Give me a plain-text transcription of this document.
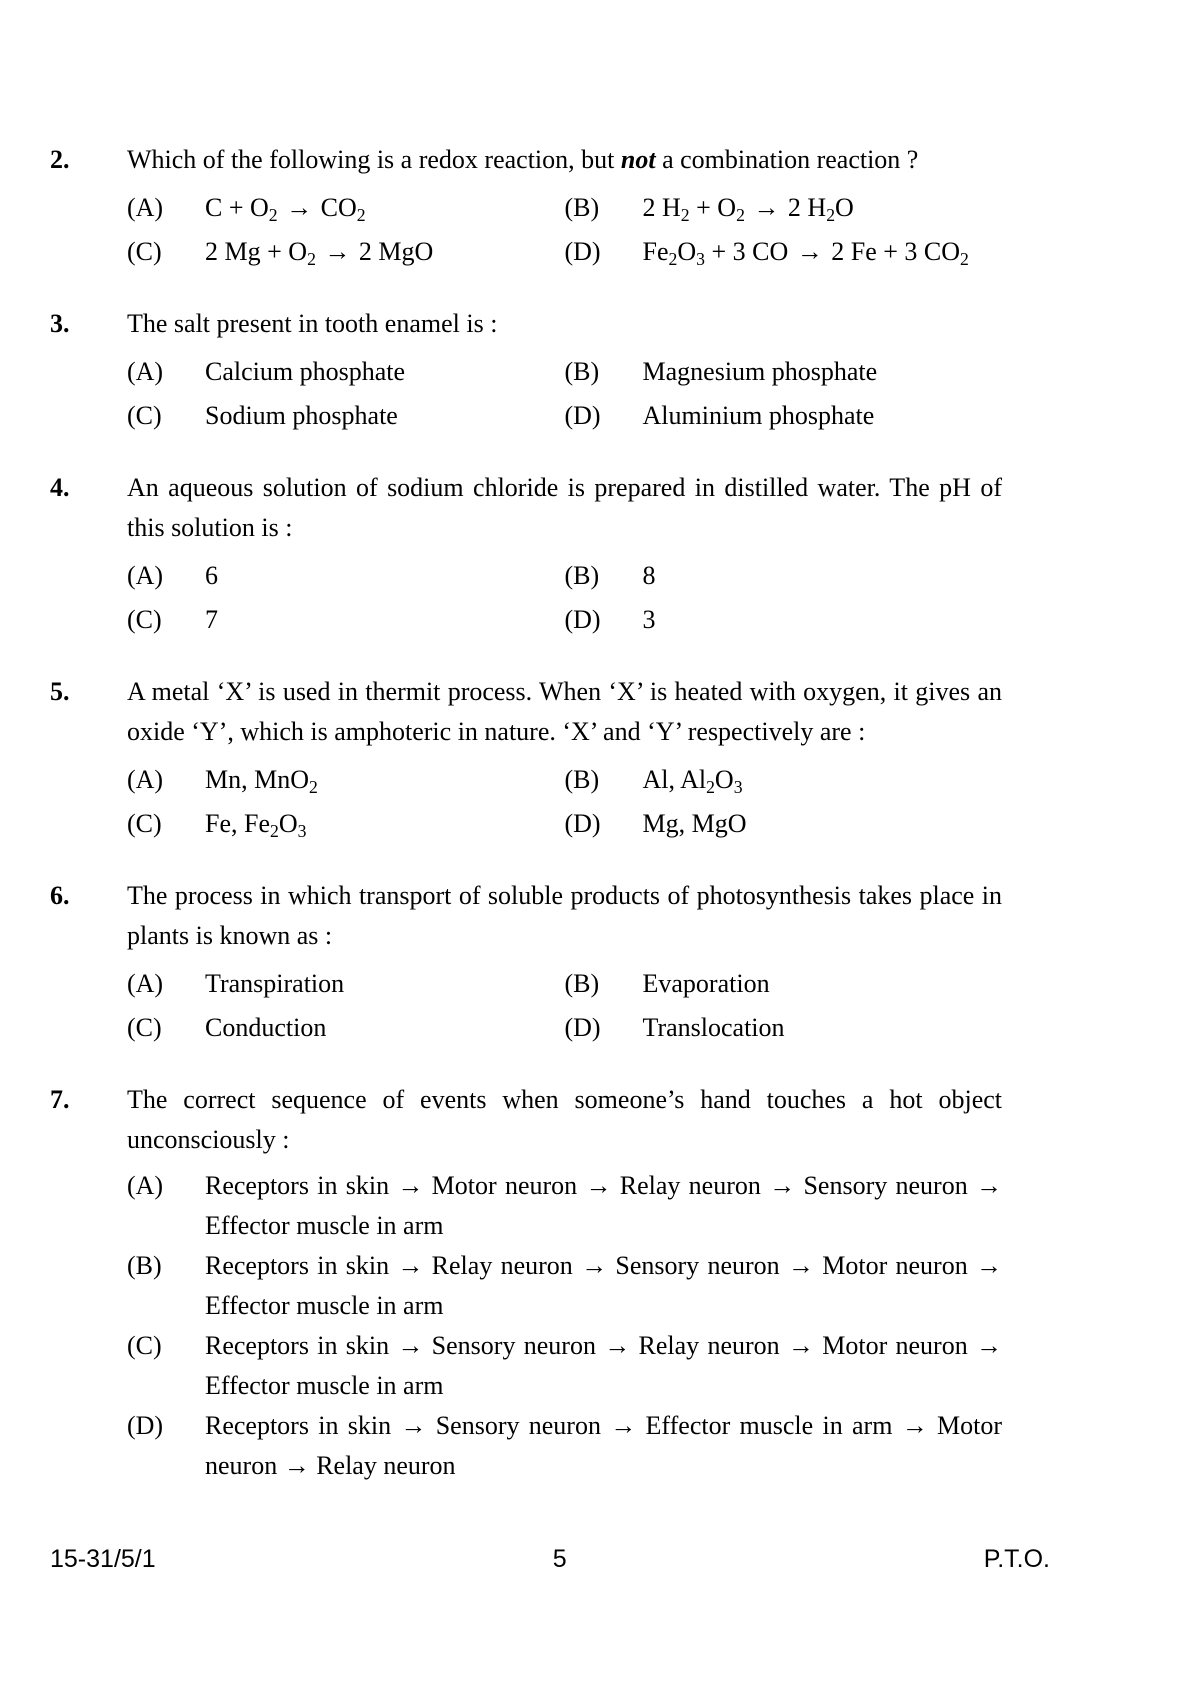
2.	Which of the following is a redox reaction, but not a combination reaction ?
(A)	$C + O_2 \to CO_2$	(B)	2 $H_2 + O_2 \to 2$ $H_2O$
(C)	2 $Mg + O_2 \to 2$ MgO	(D)	$Fe_2O_3 + 3$ CO → 2 Fe + 3 $CO_2$
3.	The salt present in tooth enamel is :
(A)	Calcium phosphate	(B)	Magnesium phosphate
(C)	Sodium phosphate	(D)	Aluminium phosphate
4.	An aqueous solution of sodium chloride is prepared in distilled water. The pH of this solution is :
(A)	6	(B)	8
(C)	7	(D)	3
5.	A metal ‘X’ is used in thermit process. When ‘X’ is heated with oxygen, it gives an oxide ‘Y’, which is amphoteric in nature. ‘X’ and ‘Y’ respectively are :
(A)	Mn, MnO$_2$	(B)	Al, $Al_2O_3$
(C)	Fe, $Fe_2O_3$	(D)	Mg, MgO
6.	The process in which transport of soluble products of photosynthesis takes place in plants is known as :
(A)	Transpiration	(B)	Evaporation
(C)	Conduction	(D)	Translocation
7.	The correct sequence of events when someone’s hand touches a hot object unconsciously :
(A)	Receptors in skin → Motor neuron → Relay neuron → Sensory neuron → Effector muscle in arm
(B)	Receptors in skin → Relay neuron → Sensory neuron → Motor neuron → Effector muscle in arm
(C)	Receptors in skin → Sensory neuron → Relay neuron → Motor neuron → Effector muscle in arm
(D)	Receptors in skin → Sensory neuron → Effector muscle in arm → Motor neuron → Relay neuron
15-31/5/1	5	P.T.O.
